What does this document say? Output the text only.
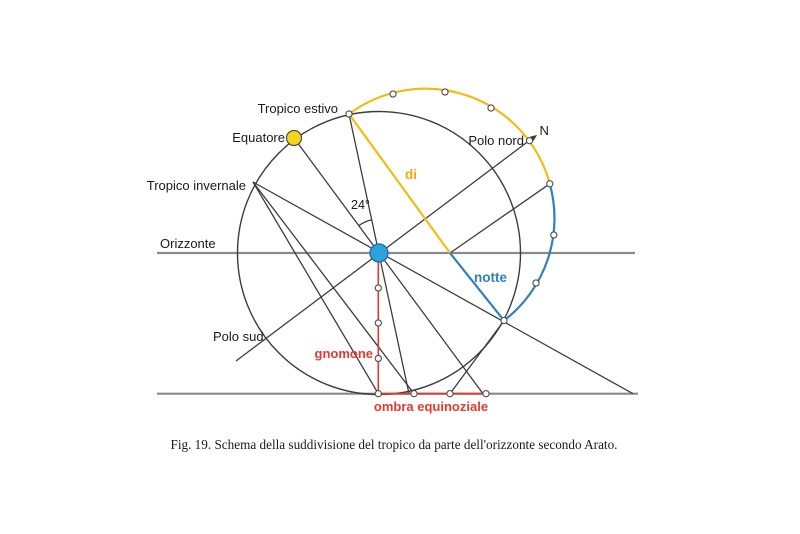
Tropico estivo
Equatore
Tropico invernale
Orizzonte
Polo nord
N
Polo sud
di
notte
24°
gnomone
ombra equinoziale
Fig. 19. Schema della suddivisione del tropico da parte dell'orizzonte secondo Arato.
